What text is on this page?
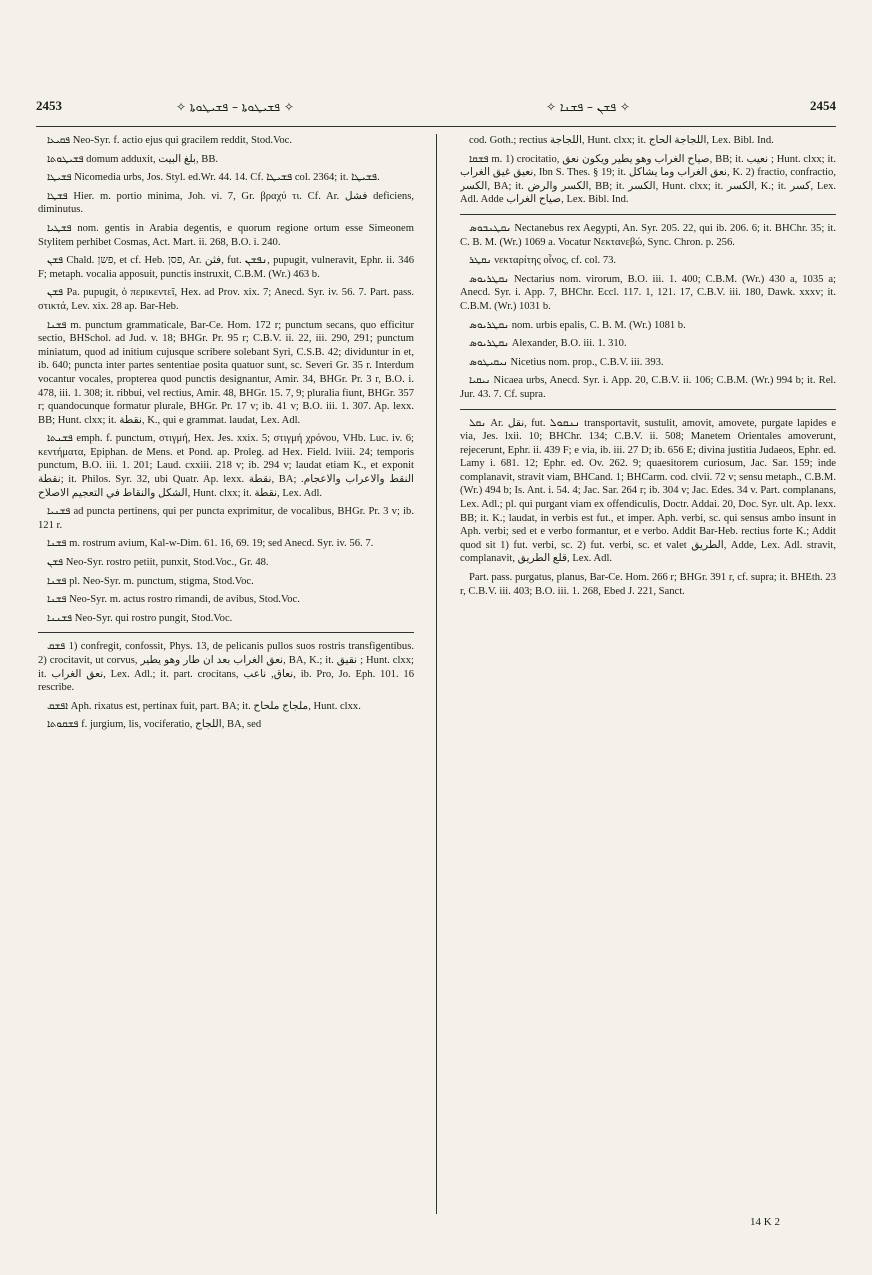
2453	✧ ܦܫܝܛܘܬܐ – ܦܫܝܛܘܬܐ ✧	✧ ܦܫܢ – ܦܫܢܐ ✧	2454

ܦܩܝܥܐ Neo-Syr. f. actio ejus qui gracilem reddit, Stod.Voc.

ܦܫܝܛܘܬܐ domum adduxit, بلغ البيت, BB.

ܦܫܝܛܐ Nicomedia urbs, Jos. Styl. ed.Wr. 44. 14. Cf. ܦܫܝܛܐ col. 2364; it. ܦܫܝܛܐ.

ܦܫܛܐ Hier. m. portio minima, Joh. vi. 7, Gr. βραχύ τι. Cf. Ar. فشل deficiens, diminutus.

ܦܫܛܝܐ nom. gentis in Arabia degentis, e quorum regione ortum esse Simeonem Stylitem perhibet Cosmas, Act. Mart. ii. 268, B.O. i. 240.

ܦܫܢ Chald. פשן, et cf. Heb. פסן, Ar. فثن, fut. ܢܦܫܢ, pupugit, vulneravit, Ephr. ii. 346 F; metaph. vocalia apposuit, punctis instruxit, C.B.M. (Wr.) 463 b.

ܦܫܢ Pa. pupugit, ὁ περικεντεῖ, Hex. ad Prov. xix. 7; Anecd. Syr. iv. 56. 7. Part. pass. στικτά, Lev. xix. 28 ap. Bar-Heb.

ܦܫܢܐ m. punctum grammaticale, Bar-Ce. Hom. 172 r; punctum secans, quo efficitur sectio, BHSchol. ad Jud. v. 18; BHGr. Pr. 95 r; C.B.V. ii. 22, iii. 290, 291; punctum miniatum, quod ad initium cujusque scribere solebant Syri, C.S.B. 42; dividuntur in et, ib. 640; puncta inter partes sententiae posita quatuor sunt, sc. Severi Gr. 35 r. Interdum vocantur vocales, propterea quod punctis designantur, Amir. 34, BHGr. Pr. 3 r, B.O. i. 478, iii. 1. 308; it. ribbui, vel rectius, Amir. 48, BHGr. 15. 7, 9; pluralia fiunt, BHGr. 357 r; quandocunque formatur plurale, BHGr. Pr. 17 v; ib. 41 v; B.O. iii. 1. 307. Ap. lexx. BB; Hunt. clxx; it. نقطة, K., qui e grammat. laudat, Lex. Adl.

ܦܫܢܬܐ emph. f. punctum, στιγμή, Hex. Jes. xxix. 5; στιγμή χρόνου, VHb. Luc. iv. 6; κεντήματα, Epiphan. de Mens. et Pond. ap. Proleg. ad Hex. Field. lviii. 24; temporis punctum, B.O. iii. 1. 201; Laud. cxxiii. 218 v; ib. 294 v; laudat etiam K., et exponit نقطة; it. Philos. Syr. 32, ubi Quatr. Ap. lexx. نقطة, BA; النقط والاعراب والاعجام. الشكل والنقاط في التعجيم الاصلاح, Hunt. clxx; it. نقطة, Lex. Adl.

ܦܫܢܝܐ ad puncta pertinens, qui per puncta exprimitur, de vocalibus, BHGr. Pr. 3 v; ib. 121 r.

ܦܫܢܐ m. rostrum avium, Kal-w-Dim. 61. 16, 69. 19; sed Anecd. Syr. iv. 56. 7.

ܦܫܢ Neo-Syr. rostro petiit, punxit, Stod.Voc., Gr. 48.

ܦܫܢܐ pl. Neo-Syr. m. punctum, stigma, Stod.Voc.

ܦܫܢܐ Neo-Syr. m. actus rostro rimandi, de avibus, Stod.Voc.

ܦܫܢܢܐ Neo-Syr. qui rostro pungit, Stod.Voc.

ܦܫܩ 1) confregit, confossit, Phys. 13, de pelicanis pullos suos rostris transfigentibus. 2) crocitavit, ut corvus, نعق الغراب بعد ان طار وهو يطير, BA, K.; it. نقيق ; Hunt. clxx; it. نعق الغراب, Lex. Adl.; it. part. crocitans, نعاق, ناعب, ib. Pro, Jo. Eph. 101. 16 rescribe.

ܐܦܫܩ Aph. rixatus est, pertinax fuit, part. BA; it. ملجاج ملحاح, Hunt. clxx.

ܦܫܩܘܬܐ f. jurgium, lis, vociferatio, اللجاج, BA, sed

cod. Goth.; rectius اللجاجة, Hunt. clxx; it. اللجاجة الحاج, Lex. Bibl. Ind.

ܦܫܩܐ m. 1) crocitatio, صياح الغراب وهو يطير ويكون نعق, BB; it. نعيب ; Hunt. clxx; it. نعيق غيق الغراب, Ibn S. Thes. § 19; it. نعق الغراب وما يشاكل, K. 2) fractio, confractio, الكسر, BA; it. الكسر والرض, BB; it. الكسر, Hunt. clxx; it. الكسر, K.; it. كسر, Lex. Adl. Adde صياح الغراب, Lex. Bibl. Ind.

ܢܩܛܢܒܘܣ Nectanebus rex Aegypti, An. Syr. 205. 22, qui ib. 206. 6; it. BHChr. 35; it. C. B. M. (Wr.) 1069 a. Vocatur Νεκτανεβώ, Sync. Chron. p. 256.

ܢܩܛܪ νεκταρίτης οἶνος, cf. col. 73.

ܢܩܛܪܝܘܣ Nectarius nom. virorum, B.O. iii. 1. 400; C.B.M. (Wr.) 430 a, 1035 a; Anecd. Syr. i. App. 7, BHChr. Eccl. 117. 1, 121. 17, C.B.V. iii. 180, Dawk. xxxv; it. C.B.M. (Wr.) 1031 b.

ܢܩܛܪܝܘܣ nom. urbis epalis, C. B. M. (Wr.) 1081 b.

ܢܩܛܪܝܘܣ Alexander, B.O. iii. 1. 310.

ܢܝܩܝܛܘܣ Nicetius nom. prop., C.B.V. iii. 393.

ܢܝܩܝܐ Nicaea urbs, Anecd. Syr. i. App. 20, C.B.V. ii. 106; C.B.M. (Wr.) 994 b; it. Rel. Jur. 43. 7. Cf. supra.

ܢܩܠ Ar. نقل, fut. ܢܢܩܘܠ transportavit, sustulit, amovit, amovete, purgate lapides e via, Jes. lxii. 10; BHChr. 134; C.B.V. ii. 508; Manetem Orientales amoverunt, rejecerunt, Ephr. ii. 439 F; e via, ib. iii. 27 D; ib. 656 E; divina justitia Judaeos, Ephr. ed. Lamy i. 681. 12; Ephr. ed. Ov. 262. 9; quaesitorem curiosum, Jac. Sar. 159; inde complanavit, stravit viam, BHCand. 1; BHCarm. cod. clvii. 72 v; sensu metaph., C.B.M. (Wr.) 494 b; Is. Ant. i. 54. 4; Jac. Sar. 264 r; ib. 304 v; Jac. Edes. 34 v. Part. complanans, Lex. Adl.; pl. qui purgant viam ex offendiculis, Doctr. Addai. 20, Doc. Syr. ult. Ap. lexx. BB; it. K.; laudat, in verbis est fut., et imper. Aph. verbi, sc. qui sensus ambo insunt in Aph. verbi; sed et e verbo formantur, et e verbo. Addit Bar-Heb. rectius forte K.; Addit quod sit 1) fut. verbi, sc. 2) fut. verbi, sc. et valet الطريق, Adde, Lex. Adl. stravit, complanavit, قلع الطريق, Lex. Adl.

Part. pass. purgatus, planus, Bar-Ce. Hom. 266 r; BHGr. 391 r, cf. supra; it. BHEth. 23 r, C.B.V. iii. 403; B.O. iii. 1. 268, Ebed J. 221, Sanct.

14 K 2
